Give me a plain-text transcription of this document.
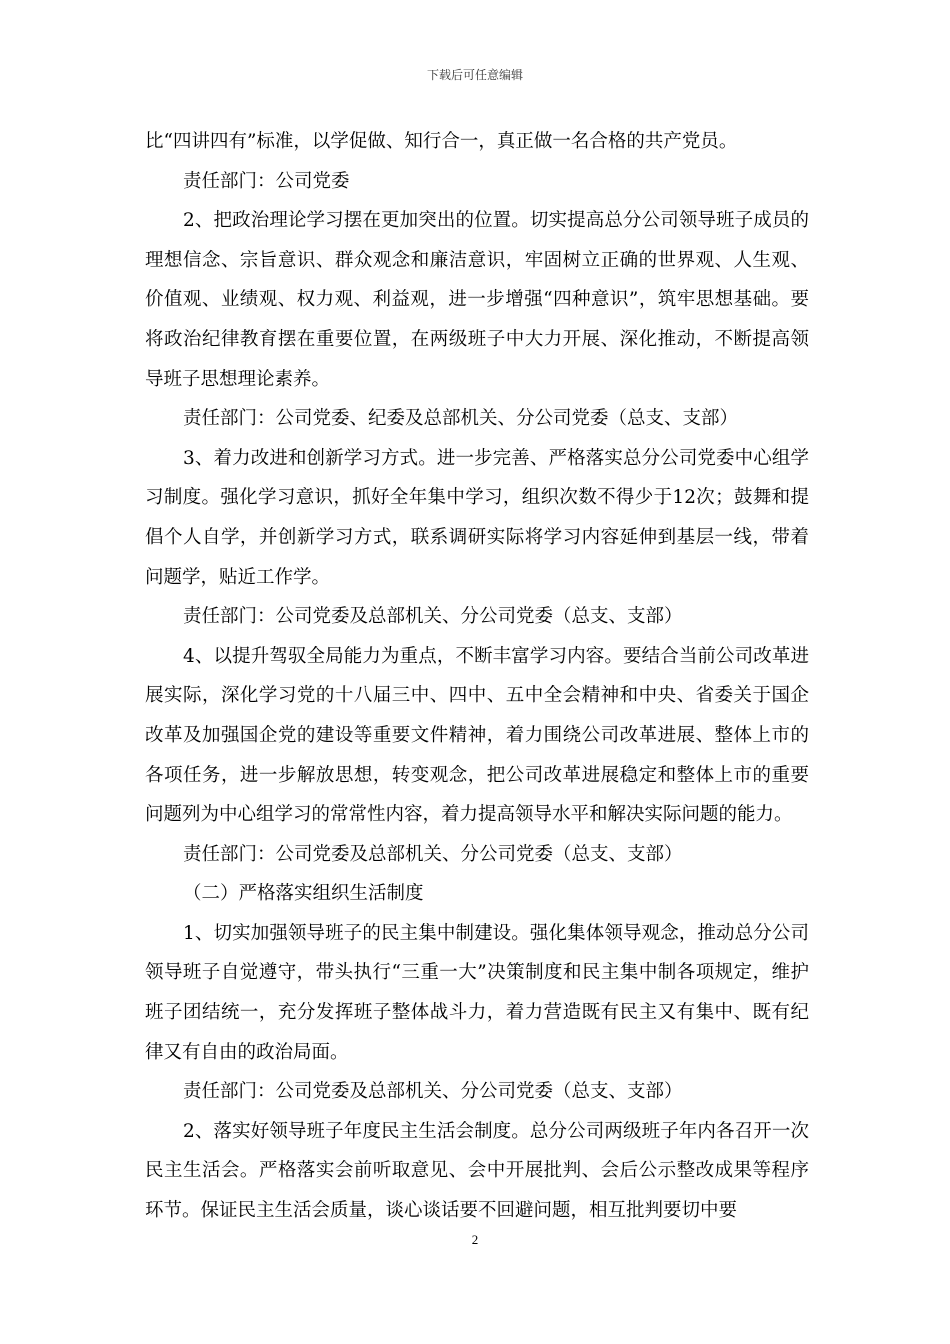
下载后可任意编辑

比“四讲四有”标准，以学促做、知行合一，真正做一名合格的共产党员。

责任部门：公司党委

2、把政治理论学习摆在更加突出的位置。切实提高总分公司领导班子成员的理想信念、宗旨意识、群众观念和廉洁意识，牢固树立正确的世界观、人生观、价值观、业绩观、权力观、利益观，进一步增强“四种意识”，筑牢思想基础。要将政治纪律教育摆在重要位置，在两级班子中大力开展、深化推动，不断提高领导班子思想理论素养。

责任部门：公司党委、纪委及总部机关、分公司党委（总支、支部）

3、着力改进和创新学习方式。进一步完善、严格落实总分公司党委中心组学习制度。强化学习意识，抓好全年集中学习，组织次数不得少于12次；鼓舞和提倡个人自学，并创新学习方式，联系调研实际将学习内容延伸到基层一线，带着问题学，贴近工作学。

责任部门：公司党委及总部机关、分公司党委（总支、支部）

4、以提升驾驭全局能力为重点，不断丰富学习内容。要结合当前公司改革进展实际，深化学习党的十八届三中、四中、五中全会精神和中央、省委关于国企改革及加强国企党的建设等重要文件精神，着力围绕公司改革进展、整体上市的各项任务，进一步解放思想，转变观念，把公司改革进展稳定和整体上市的重要问题列为中心组学习的常常性内容，着力提高领导水平和解决实际问题的能力。

责任部门：公司党委及总部机关、分公司党委（总支、支部）

（二）严格落实组织生活制度

1、切实加强领导班子的民主集中制建设。强化集体领导观念，推动总分公司领导班子自觉遵守，带头执行“三重一大”决策制度和民主集中制各项规定，维护班子团结统一，充分发挥班子整体战斗力，着力营造既有民主又有集中、既有纪律又有自由的政治局面。

责任部门：公司党委及总部机关、分公司党委（总支、支部）

2、落实好领导班子年度民主生活会制度。总分公司两级班子年内各召开一次民主生活会。严格落实会前听取意见、会中开展批判、会后公示整改成果等程序环节。保证民主生活会质量，谈心谈话要不回避问题，相互批判要切中要

2
